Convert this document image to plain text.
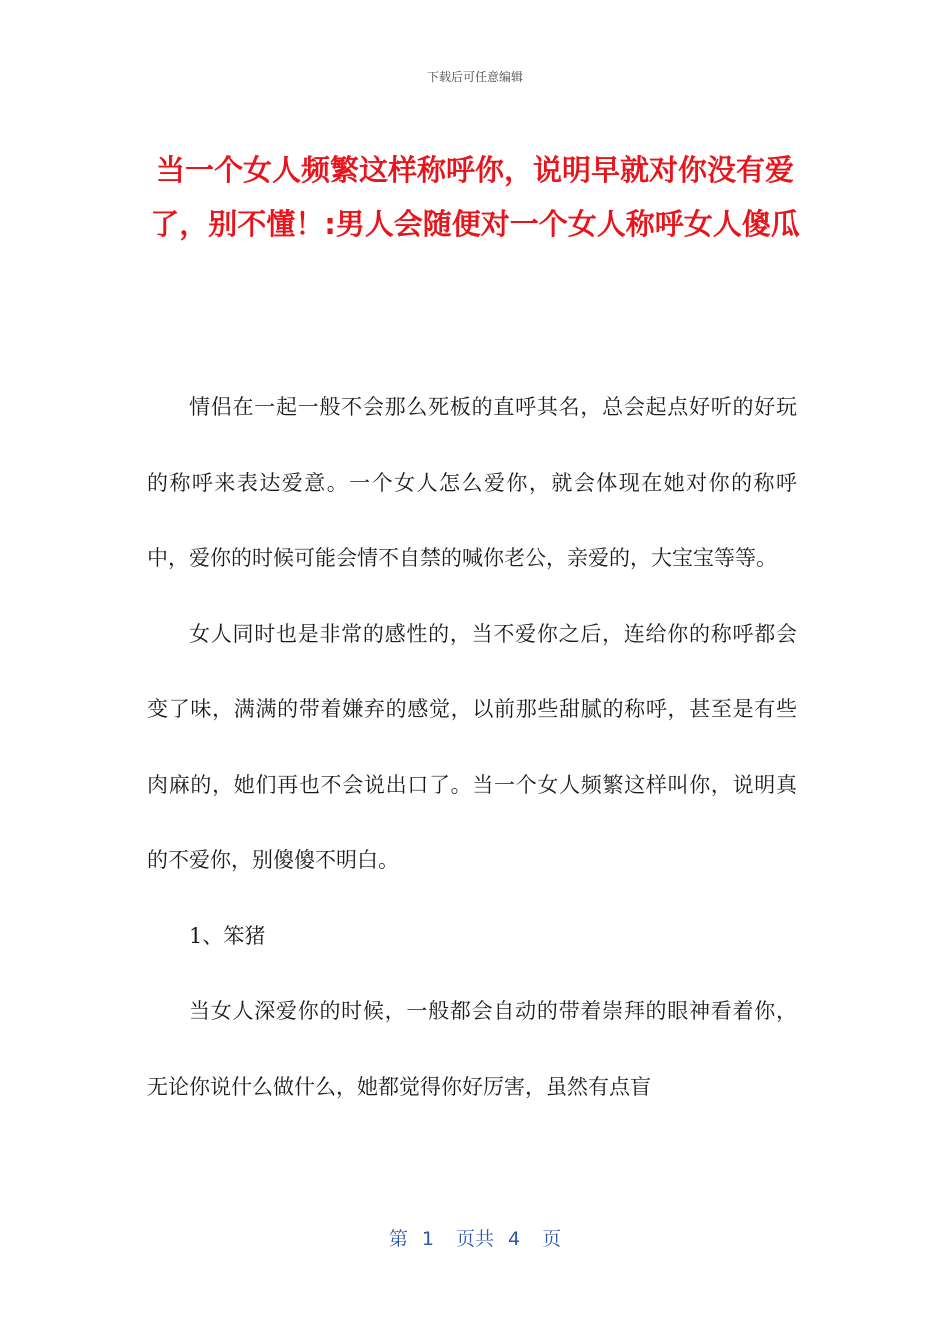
下载后可任意编辑
当一个女人频繁这样称呼你，说明早就对你没有爱了，别不懂！:男人会随便对一个女人称呼女人傻瓜

情侣在一起一般不会那么死板的直呼其名，总会起点好听的好玩的称呼来表达爱意。一个女人怎么爱你，就会体现在她对你的称呼中，爱你的时候可能会情不自禁的喊你老公，亲爱的，大宝宝等等。

女人同时也是非常的感性的，当不爱你之后，连给你的称呼都会变了味，满满的带着嫌弃的感觉，以前那些甜腻的称呼，甚至是有些肉麻的，她们再也不会说出口了。当一个女人频繁这样叫你，说明真的不爱你，别傻傻不明白。

1、笨猪

当女人深爱你的时候，一般都会自动的带着崇拜的眼神看着你，无论你说什么做什么，她都觉得你好厉害，虽然有点盲

第 1 页共 4 页
